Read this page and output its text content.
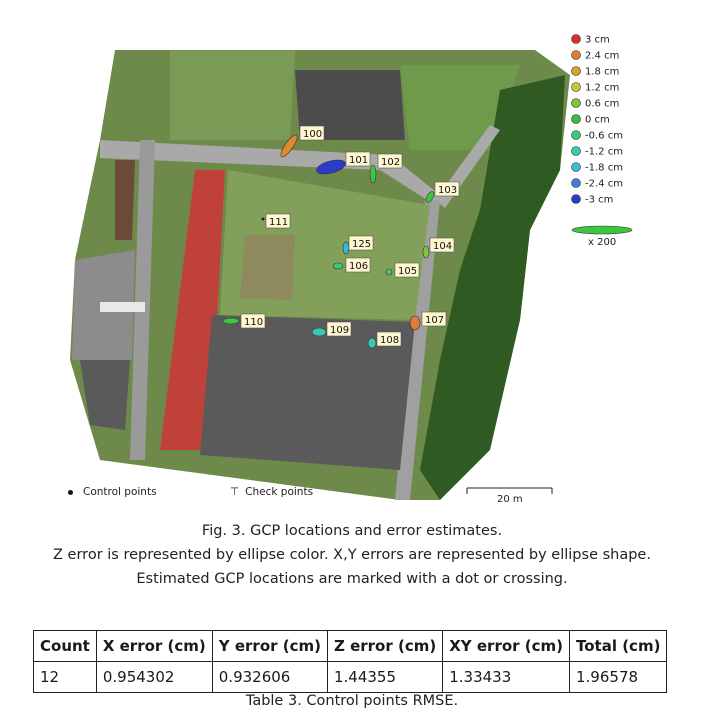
100
101 102
103
104
105
106
107
108
109
110
111
125
3 cm
2.4 cm
1.8 cm
1.2 cm
0.6 cm
0 cm
-0.6 cm
-1.2 cm
-1.8 cm
-2.4 cm
-3 cm
x 200
20 m
Control points	⊤ Check points
Fig. 3. GCP locations and error estimates.
Z error is represented by ellipse color. X,Y errors are represented by ellipse shape.
Estimated GCP locations are marked with a dot or crossing.
Count	X error (cm)	Y error (cm)	Z error (cm)	XY error (cm)	Total (cm)
12	0.954302	0.932606	1.44355	1.33433	1.96578
Table 3. Control points RMSE.
